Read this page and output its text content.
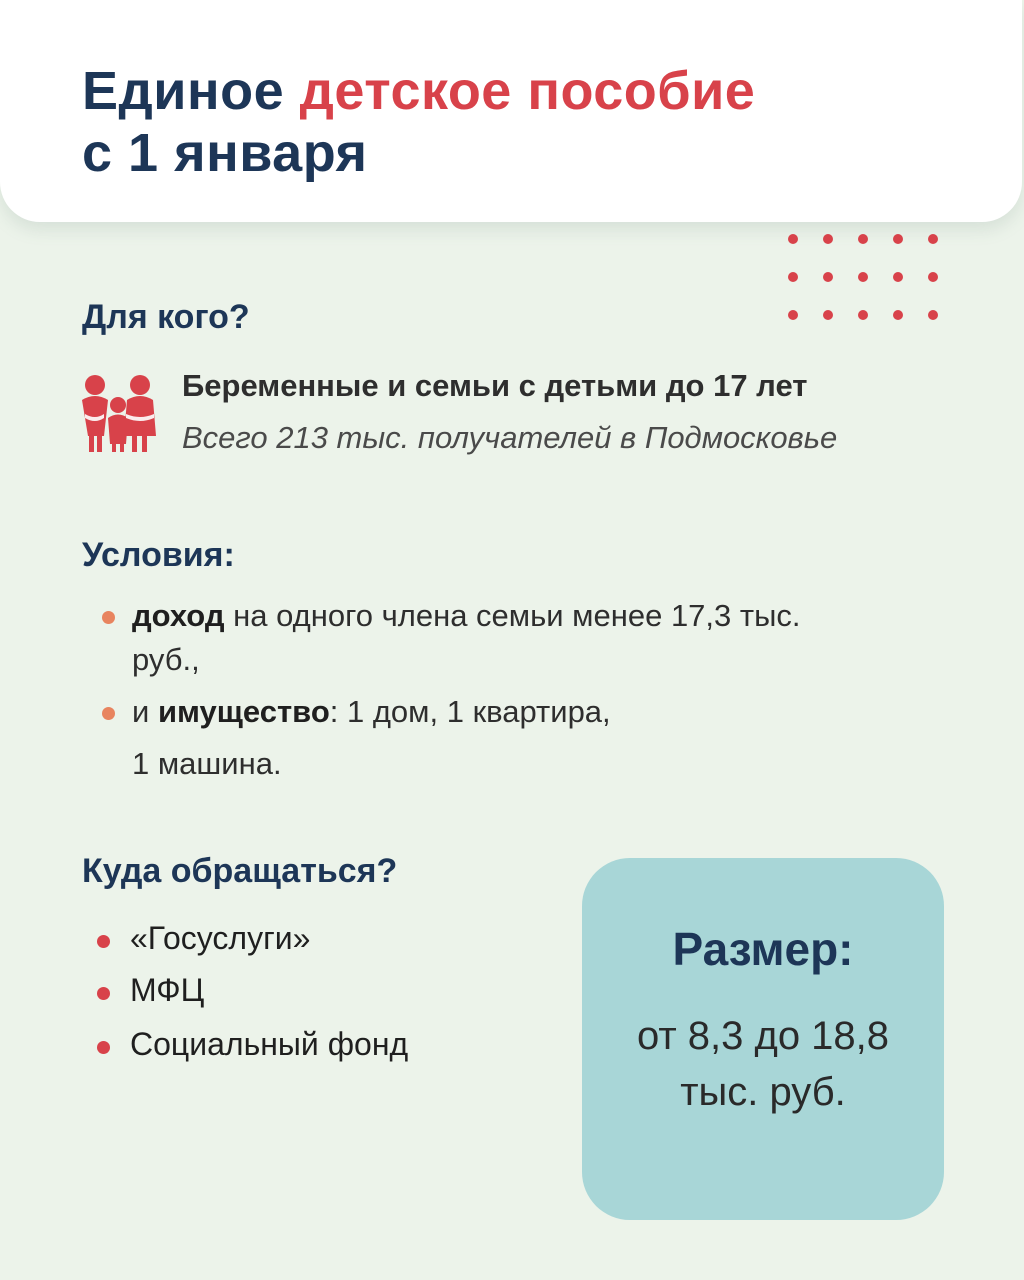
Единое детское пособие
с 1 января
Для кого?
Беременные и семьи с детьми до 17 лет
Всего 213 тыс. получателей в Подмосковье
Условия:
доход на одного члена семьи менее 17,3 тыс. руб.,
и имущество: 1 дом, 1 квартира,
1 машина.
Куда обращаться?
«Госуслуги»
МФЦ
Социальный фонд
Размер:
от 8,3 до 18,8
тыс. руб.
